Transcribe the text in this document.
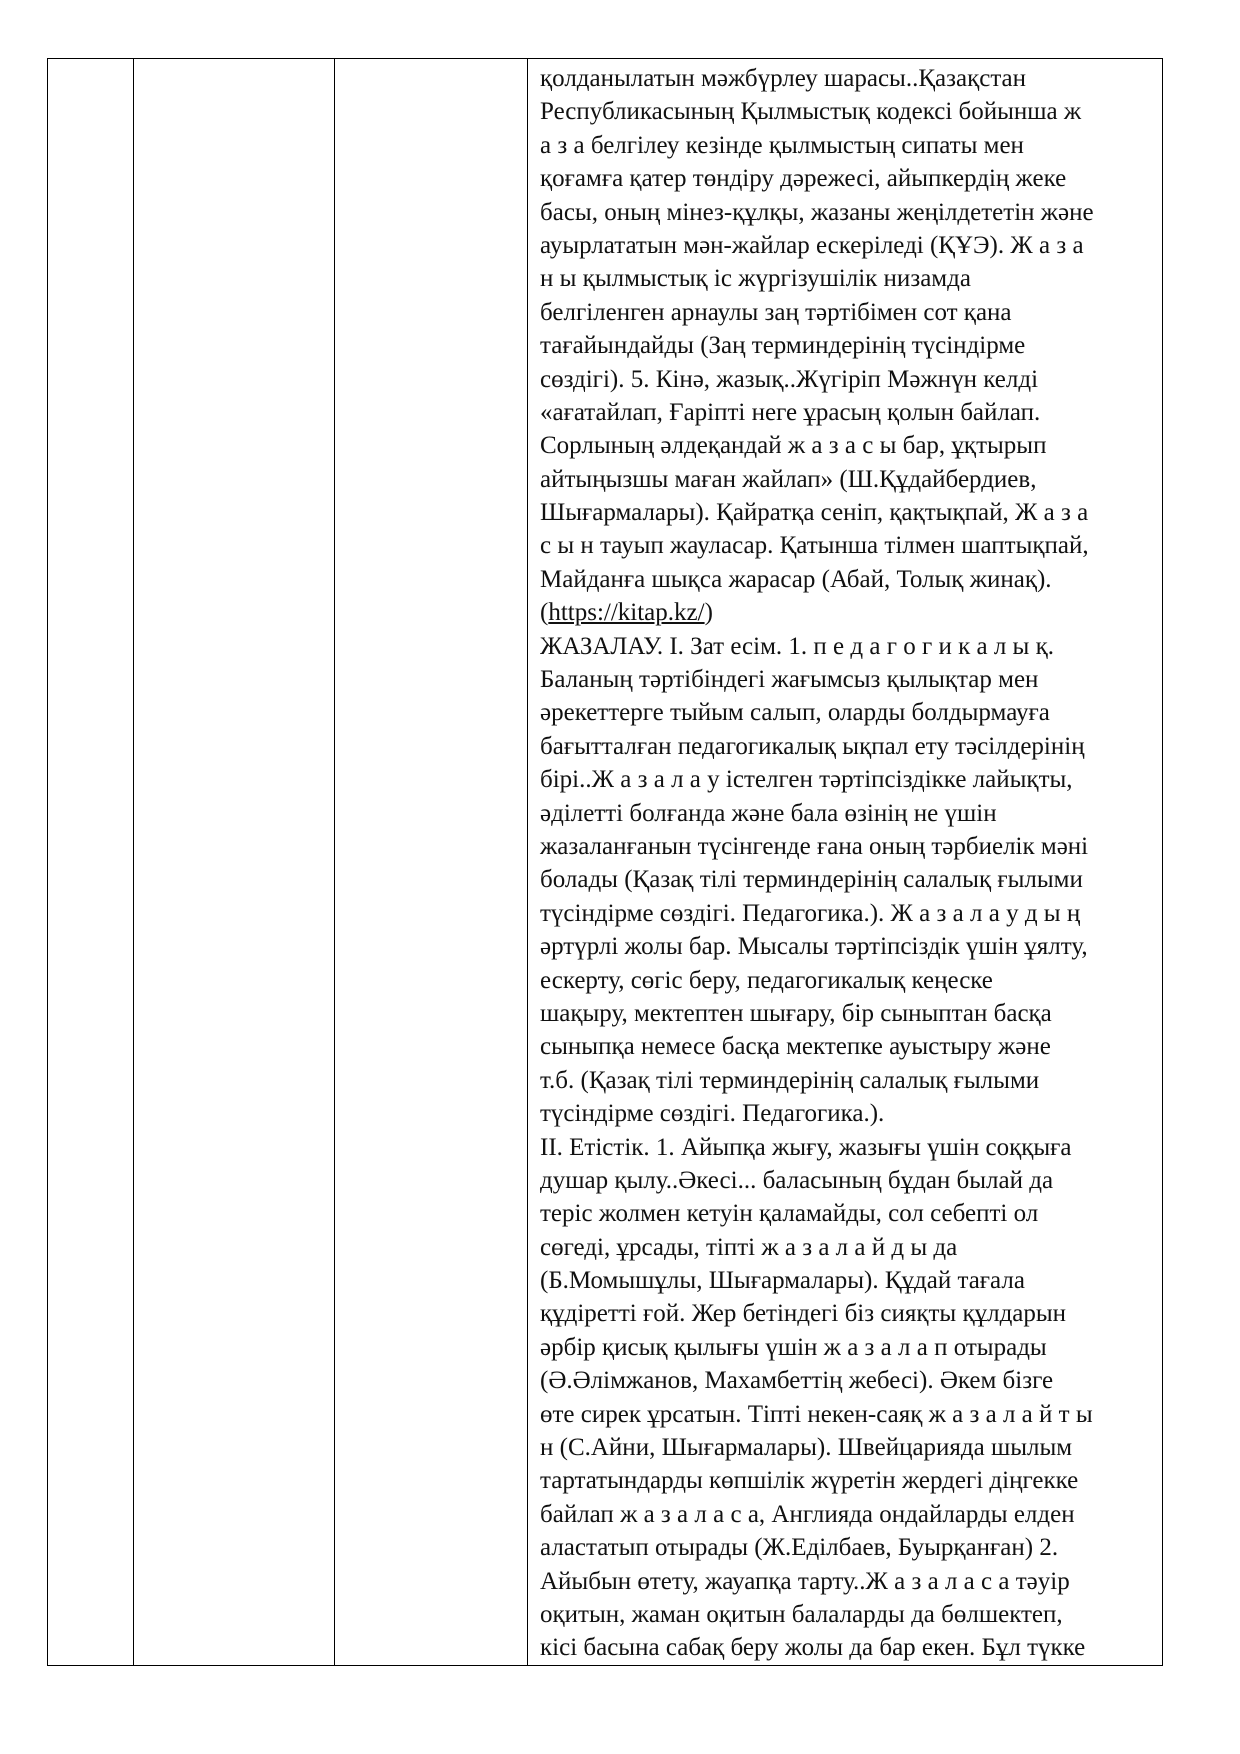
қолданылатын мәжбүрлеу шарасы..Қазақстан
Республикасының Қылмыстық кодексі бойынша ж
а з а белгілеу кезінде қылмыстың сипаты мен
қоғамға қатер төндіру дәрежесі, айыпкердің жеке
басы, оның мінез-құлқы, жазаны жеңілдететін және
ауырлататын мән-жайлар ескеріледі (ҚҰЭ). Ж а з а
н ы қылмыстық іс жүргізушілік низамда
белгіленген арнаулы заң тәртібімен сот қана
тағайындайды (Заң терминдерінің түсіндірме
сөздігі). 5. Кінә, жазық..Жүгіріп Мәжнүн келді
«ағатайлап, Ғаріпті неге ұрасың қолын байлап.
Сорлының әлдеқандай ж а з а с ы бар, ұқтырып
айтыңызшы маған жайлап» (Ш.Құдайбердиев,
Шығармалары). Қайратқа сеніп, қақтықпай, Ж а з а
с ы н тауып жауласар. Қатынша тілмен шаптықпай,
Майданға шықса жарасар (Абай, Толық жинақ).
(https://kitap.kz/)
ЖАЗАЛАУ. I. Зат есім. 1. п е д а г о г и к а л ы қ.
Баланың тәртібіндегі жағымсыз қылықтар мен
әрекеттерге тыйым салып, оларды болдырмауға
бағытталған педагогикалық ықпал ету тәсілдерінің
бірі..Ж а з а л а у істелген тәртіпсіздікке лайықты,
әділетті болғанда және бала өзінің не үшін
жазаланғанын түсінгенде ғана оның тәрбиелік мәні
болады (Қазақ тілі терминдерінің салалық ғылыми
түсіндірме сөздігі. Педагогика.). Ж а з а л а у д ы ң
әртүрлі жолы бар. Мысалы тәртіпсіздік үшін ұялту,
ескерту, сөгіс беру, педагогикалық кеңеске
шақыру, мектептен шығару, бір сыныптан басқа
сыныпқа немесе басқа мектепке ауыстыру және
т.б. (Қазақ тілі терминдерінің салалық ғылыми
түсіндірме сөздігі. Педагогика.).
II. Етістік. 1. Айыпқа жығу, жазығы үшін соққыға
душар қылу..Әкесі... баласының бұдан былай да
теріс жолмен кетуін қаламайды, сол себепті ол
сөгеді, ұрсады, тіпті ж а з а л а й д ы да
(Б.Момышұлы, Шығармалары). Құдай тағала
құдіретті ғой. Жер бетіндегі біз сияқты құлдарын
әрбір қисық қылығы үшін ж а з а л а п отырады
(Ә.Әлімжанов, Махамбеттің жебесі). Әкем бізге
өте сирек ұрсатын. Тіпті некен-саяқ ж а з а л а й т ы
н (С.Айни, Шығармалары). Швейцарияда шылым
тартатындарды көпшілік жүретін жердегі діңгекке
байлап ж а з а л а с а, Англияда ондайларды елден
аластатып отырады (Ж.Еділбаев, Буырқанған) 2.
Айыбын өтету, жауапқа тарту..Ж а з а л а с а тәуір
оқитын, жаман оқитын балаларды да бөлшектеп,
кісі басына сабақ беру жолы да бар екен. Бұл түкке
